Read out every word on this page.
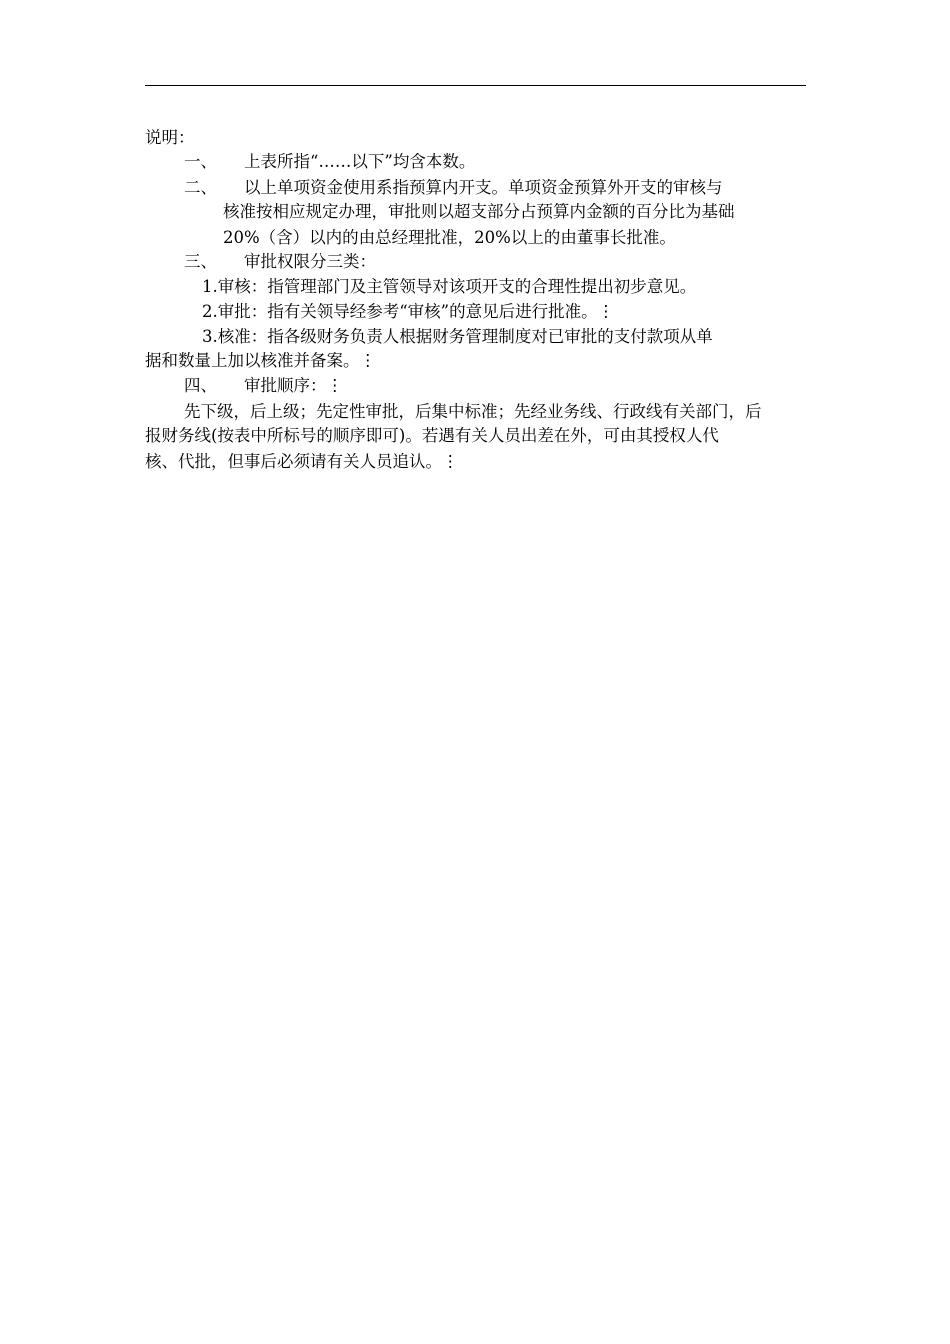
说明：
一、 上表所指“……以下”均含本数。
二、 以上单项资金使用系指预算内开支。单项资金预算外开支的审核与
核准按相应规定办理，审批则以超支部分占预算内金额的百分比为基础
20%（含）以内的由总经理批准，20%以上的由董事长批准。
三、 审批权限分三类：
1.审核：指管理部门及主管领导对该项开支的合理性提出初步意见。
2.审批：指有关领导经参考“审核”的意见后进行批准。⋮
3.核准：指各级财务负责人根据财务管理制度对已审批的支付款项从单
据和数量上加以核准并备案。⋮
四、 审批顺序：⋮
先下级，后上级；先定性审批，后集中标准；先经业务线、行政线有关部门，后
报财务线(按表中所标号的顺序即可)。若遇有关人员出差在外，可由其授权人代
核、代批，但事后必须请有关人员追认。⋮
